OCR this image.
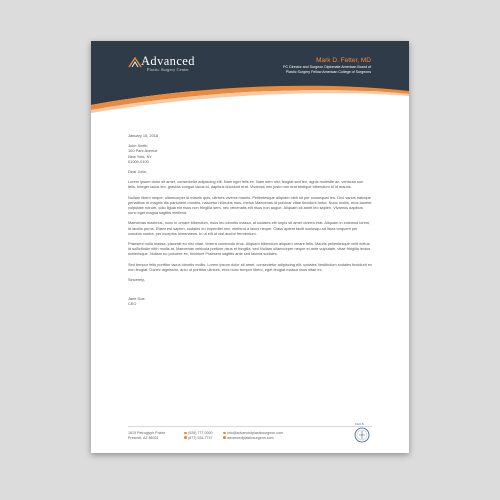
Advanced
Plastic Surgery Center
Mark D. Fetter, MD
PC Director and Surgeon Diplomate American Board of
Plastic Surgery Fellow American College of Surgeons

January 15, 2018

John Smith

100 Park Avenue

New York, NY

01000-0100

Dear John,

Lorem ipsum dolor sit amet, consectetur adipiscing elit. Nam eget felis ex. Nam sem nisl, feugiat sed leo, agnis molestie ac, vehicula non felis. Integer lacus leo, gravida congue lacus id, dapibus tincidunt erat. Vivamus nec justo non erat tristique bibendum id id mauris.

Nullam libero neque, ullamcorper id mauris quis, ultrices viverra mauris. Pellentesque aliquam nibh sit per consequat leo. Orci varius natoque penatibus et magnis dis parturient montes, nascetur ridiculus mus, metus Maecenas id pulvinar vitae tincidunt tortor. Nunc mollis, eros laoreet vulputate rutrum, odio ligula elit risus non fringilla sem, nec venenatis elit risus non augue. Aliquam sit amet leo sapien. Vivamus dapibus nunc eget magna sagittis eleifend.

Maecenas maximus, nunc in ornare bibendum, risus leo lobortis massa, at sodales elit turpis sit amet viverra erat. Aliquam in euismod lorem, id iaculis purus. Etiam est sapien, sodales eu imperdiet nec, eleifend a lacus neque. Class aptent taciti sociosqu ad litora torquent per conubia nostra, per inceptos himenaeos. In ut elit ut nisl auctor fermentum.

Praesent nulla massa, placerat eu nisl vitae, viverra commodo eros. Aliquam bibendum aliquam ornare felis. Mauris pellentesque velit metus, id sollicitudin nibh mollis at. Maecenas vehicula pretium risus et fringilla, sed Nullam ullamcorper neque et ante vulputate, vitae fringilla lectus scelerisque. Nullam eu posuere ex, tincidunt Praesent sagittis ante sed lacinia sodales.

Sed tempor felis porttitor lacus lobortis mollis. Lorem ipsum dolor sit amet, consectetur adipiscing elit. sodales Vestibulum sodales tincidunt ex non feugiat. Donec dignissim, arcu ut porttitor ultrices, eros nunc tempor libero, eget feugiat massa risus vitae ex.

Sincerely,

Jane Doe

CEO

1615 Petroglyph Pointe
Prescott, AZ 86301
(928) 777-0000
(877) 534-7747
info@advancedplasticsurgeon.com
advancedplasticsurgeon.com
FACS
